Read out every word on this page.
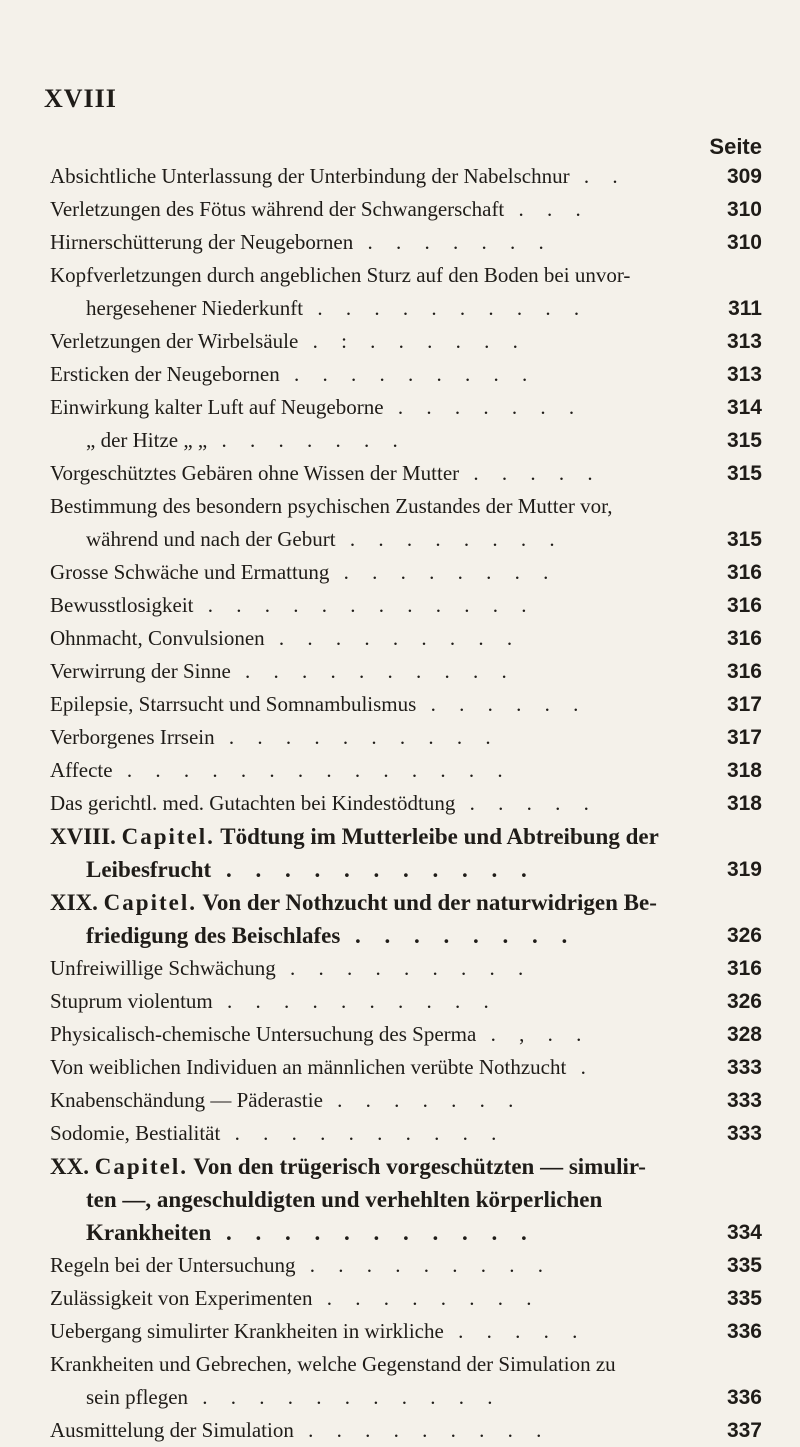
XVIII
Seite
Absichtliche Unterlassung der Unterbindung der Nabelschnur . .	309
Verletzungen des Fötus während der Schwangerschaft . . .	310
Hirnerschütterung der Neugebornen . . . . . . .	310
Kopfverletzungen durch angeblichen Sturz auf den Boden bei unvor-
hergesehener Niederkunft . . . . . . . . . .	311
Verletzungen der Wirbelsäule . : . . . . . .	313
Ersticken der Neugebornen . . . . . . . . .	313
Einwirkung kalter Luft auf Neugeborne . . . . . . .	314
„ der Hitze „ „ . . . . . . .	315
Vorgeschütztes Gebären ohne Wissen der Mutter . . . . .	315
Bestimmung des besondern psychischen Zustandes der Mutter vor,
während und nach der Geburt . . . . . . . .	315
Grosse Schwäche und Ermattung . . . . . . . .	316
Bewusstlosigkeit . . . . . . . . . . . .	316
Ohnmacht, Convulsionen . . . . . . . . .	316
Verwirrung der Sinne . . . . . . . . . .	316
Epilepsie, Starrsucht und Somnambulismus . . . . . .	317
Verborgenes Irrsein . . . . . . . . . .	317
Affecte . . . . . . . . . . . . . .	318
Das gerichtl. med. Gutachten bei Kindestödtung . . . . .	318
XVIII. Capitel. Tödtung im Mutterleibe und Abtreibung der
Leibesfrucht . . . . . . . . . . .	319
XIX. Capitel. Von der Nothzucht und der naturwidrigen Be-
friedigung des Beischlafes . . . . . . . .	326
Unfreiwillige Schwächung . . . . . . . . .	316
Stuprum violentum . . . . . . . . . .	326
Physicalisch-chemische Untersuchung des Sperma . , . .	328
Von weiblichen Individuen an männlichen verübte Nothzucht .	333
Knabenschändung — Päderastie . . . . . . .	333
Sodomie, Bestialität . . . . . . . . . .	333
XX. Capitel. Von den trügerisch vorgeschützten — simulir-
ten —, angeschuldigten und verhehlten körperlichen
Krankheiten . . . . . . . . . . .	334
Regeln bei der Untersuchung . . . . . . . . .	335
Zulässigkeit von Experimenten . . . . . . . .	335
Uebergang simulirter Krankheiten in wirkliche . . . . .	336
Krankheiten und Gebrechen, welche Gegenstand der Simulation zu
sein pflegen . . . . . . . . . . .	336
Ausmittelung der Simulation . . . . . . . . .	337
